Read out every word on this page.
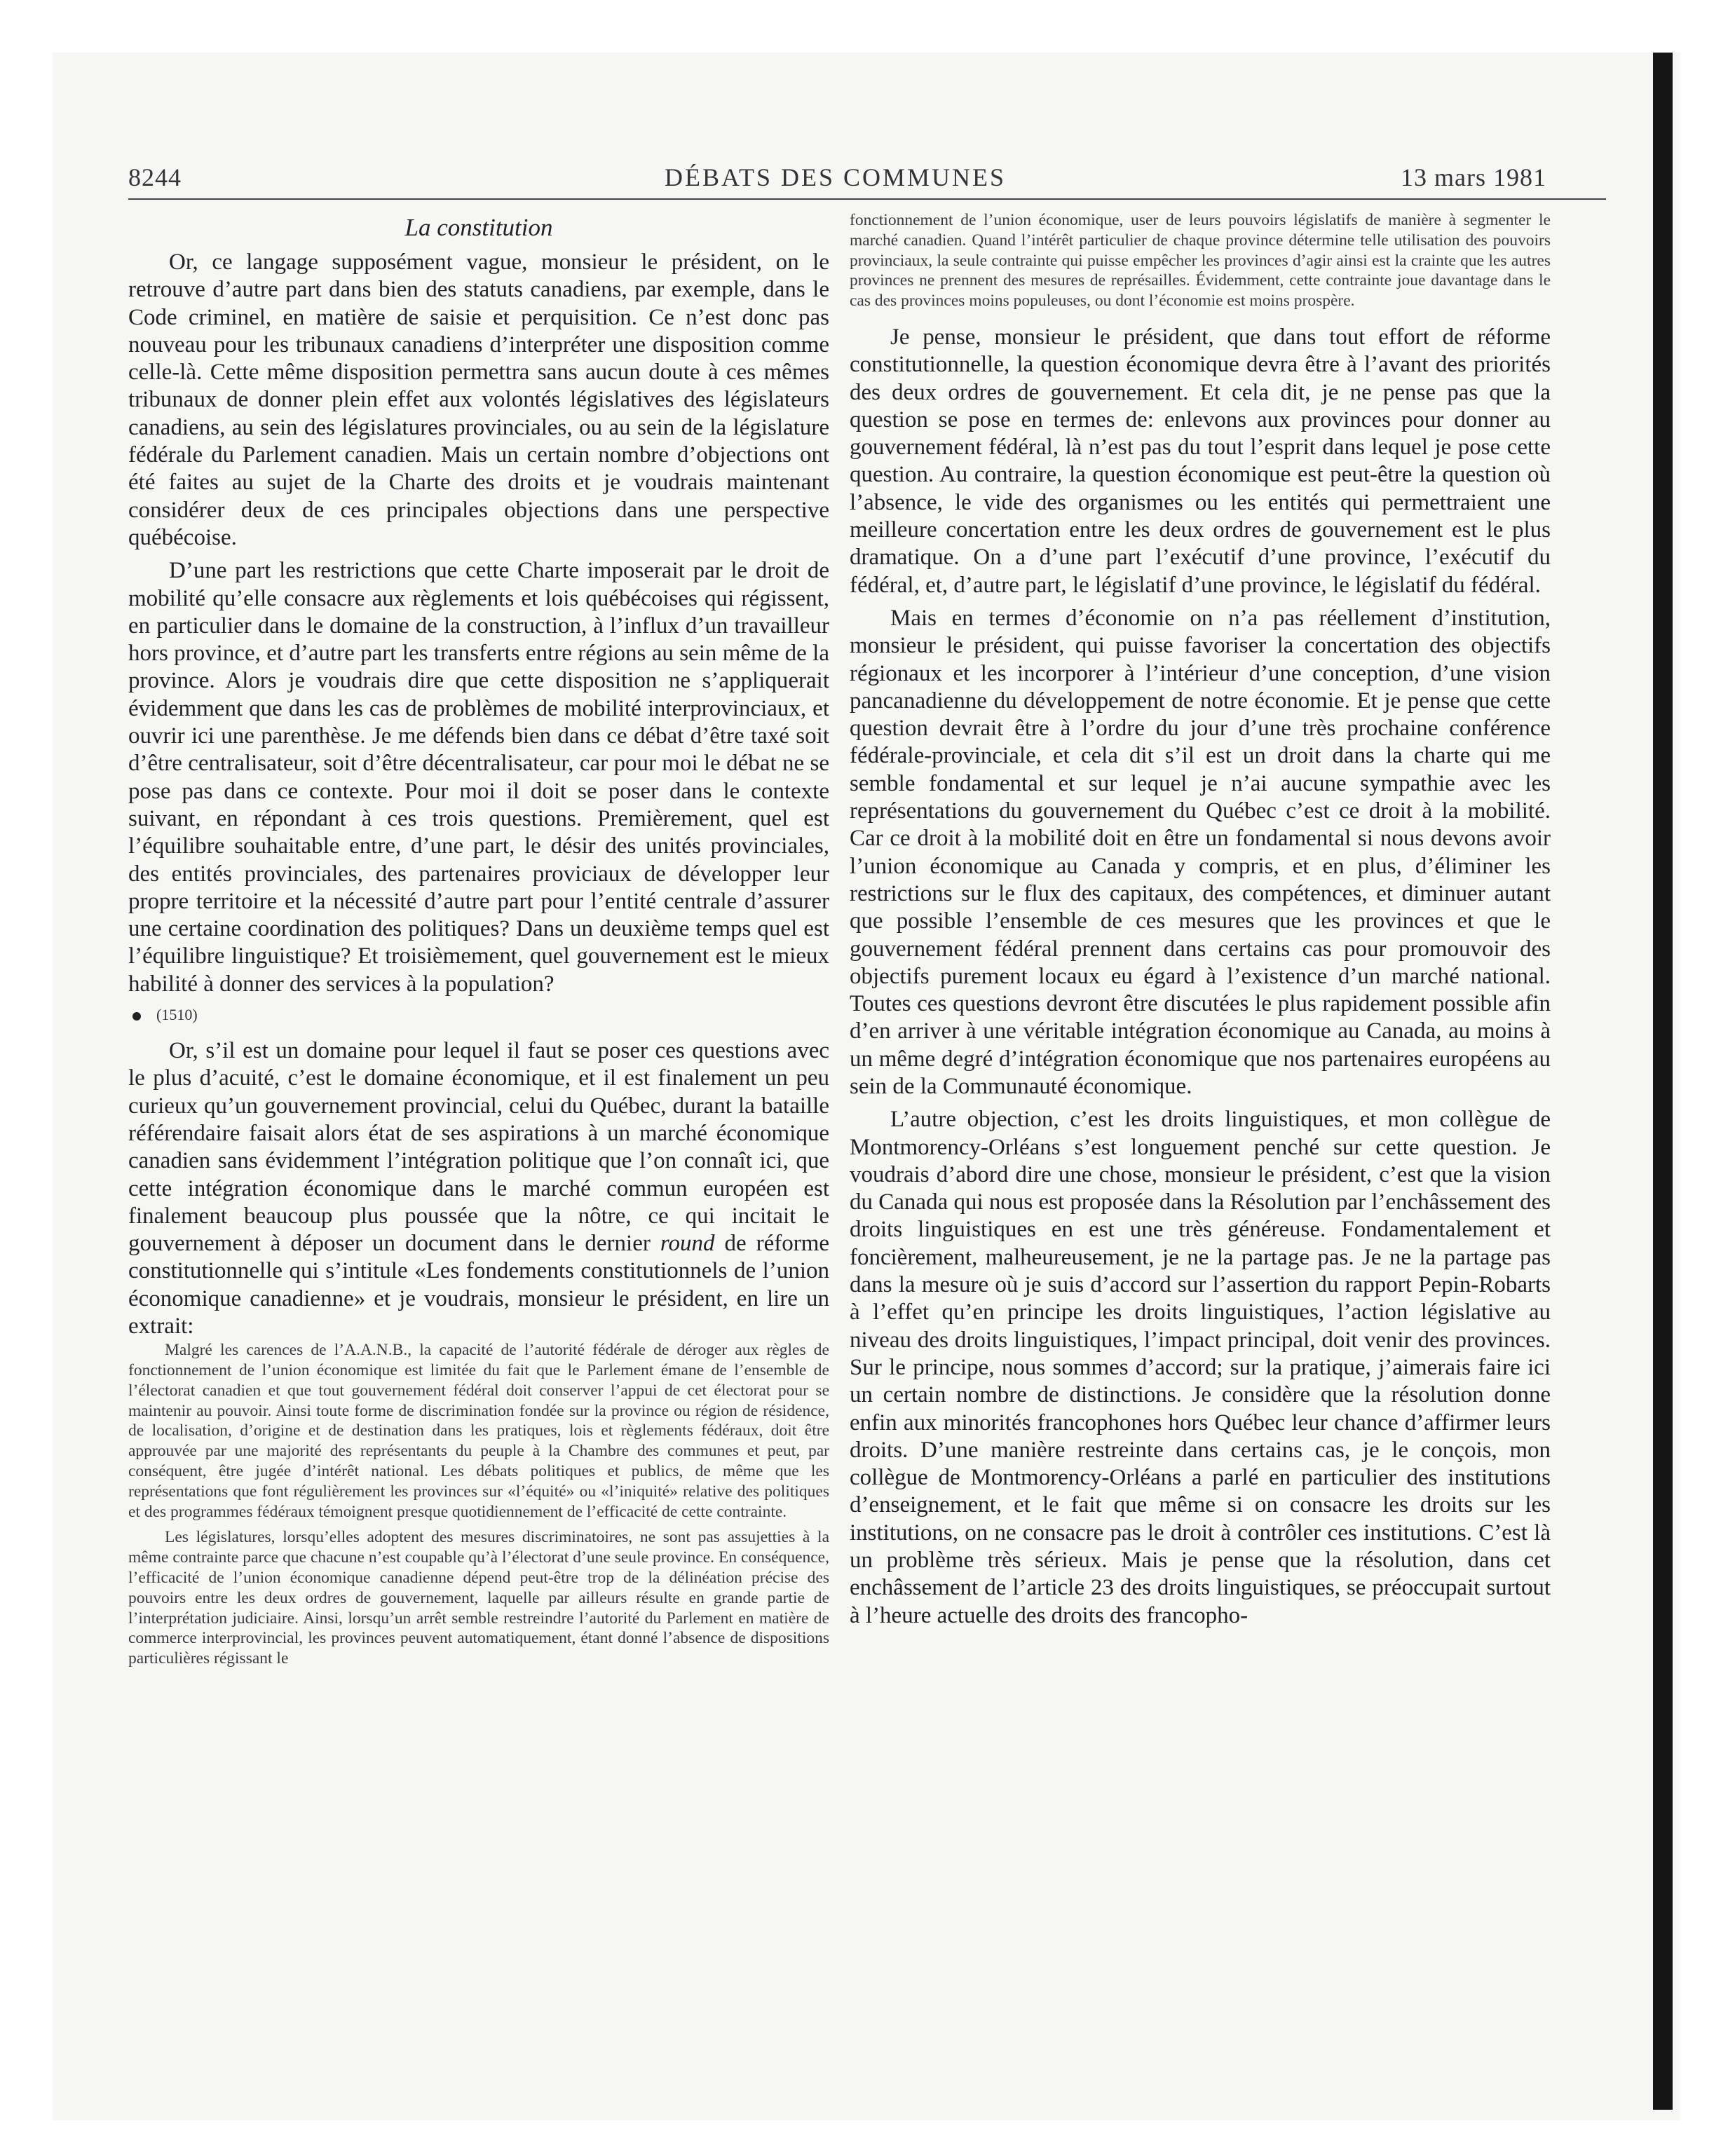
8244	DÉBATS DES COMMUNES	13 mars 1981
La constitution

Or, ce langage supposément vague, monsieur le président, on le retrouve d’autre part dans bien des statuts canadiens, par exemple, dans le Code criminel, en matière de saisie et perquisition. Ce n’est donc pas nouveau pour les tribunaux canadiens d’interpréter une disposition comme celle-là. Cette même disposition permettra sans aucun doute à ces mêmes tribunaux de donner plein effet aux volontés législatives des législateurs canadiens, au sein des législatures provinciales, ou au sein de la législature fédérale du Parlement canadien. Mais un certain nombre d’objections ont été faites au sujet de la Charte des droits et je voudrais maintenant considérer deux de ces principales objections dans une perspective québécoise.

D’une part les restrictions que cette Charte imposerait par le droit de mobilité qu’elle consacre aux règlements et lois québécoises qui régissent, en particulier dans le domaine de la construction, à l’influx d’un travailleur hors province, et d’autre part les transferts entre régions au sein même de la province. Alors je voudrais dire que cette disposition ne s’appliquerait évidemment que dans les cas de problèmes de mobilité interprovinciaux, et ouvrir ici une parenthèse. Je me défends bien dans ce débat d’être taxé soit d’être centralisateur, soit d’être décentralisateur, car pour moi le débat ne se pose pas dans ce contexte. Pour moi il doit se poser dans le contexte suivant, en répondant à ces trois questions. Premièrement, quel est l’équilibre souhaitable entre, d’une part, le désir des unités provinciales, des entités provinciales, des partenaires proviciaux de développer leur propre territoire et la nécessité d’autre part pour l’entité centrale d’assurer une certaine coordination des politiques? Dans un deuxième temps quel est l’équilibre linguistique? Et troisièmement, quel gouvernement est le mieux habilité à donner des services à la population?

(1510)

Or, s’il est un domaine pour lequel il faut se poser ces questions avec le plus d’acuité, c’est le domaine économique, et il est finalement un peu curieux qu’un gouvernement provincial, celui du Québec, durant la bataille référendaire faisait alors état de ses aspirations à un marché économique canadien sans évidemment l’intégration politique que l’on connaît ici, que cette intégration économique dans le marché commun européen est finalement beaucoup plus poussée que la nôtre, ce qui incitait le gouvernement à déposer un document dans le dernier round de réforme constitutionnelle qui s’intitule «Les fondements constitutionnels de l’union économique canadienne» et je voudrais, monsieur le président, en lire un extrait:

Malgré les carences de l’A.A.N.B., la capacité de l’autorité fédérale de déroger aux règles de fonctionnement de l’union économique est limitée du fait que le Parlement émane de l’ensemble de l’électorat canadien et que tout gouvernement fédéral doit conserver l’appui de cet électorat pour se maintenir au pouvoir. Ainsi toute forme de discrimination fondée sur la province ou région de résidence, de localisation, d’origine et de destination dans les pratiques, lois et règlements fédéraux, doit être approuvée par une majorité des représentants du peuple à la Chambre des communes et peut, par conséquent, être jugée d’intérêt national. Les débats politiques et publics, de même que les représentations que font régulièrement les provinces sur «l’équité» ou «l’iniquité» relative des politiques et des programmes fédéraux témoignent presque quotidiennement de l’efficacité de cette contrainte.

Les législatures, lorsqu’elles adoptent des mesures discriminatoires, ne sont pas assujetties à la même contrainte parce que chacune n’est coupable qu’à l’électorat d’une seule province. En conséquence, l’efficacité de l’union économique canadienne dépend peut-être trop de la délinéation précise des pouvoirs entre les deux ordres de gouvernement, laquelle par ailleurs résulte en grande partie de l’interprétation judiciaire. Ainsi, lorsqu’un arrêt semble restreindre l’autorité du Parlement en matière de commerce interprovincial, les provinces peuvent automatiquement, étant donné l’absence de dispositions particulières régissant le

fonctionnement de l’union économique, user de leurs pouvoirs législatifs de manière à segmenter le marché canadien. Quand l’intérêt particulier de chaque province détermine telle utilisation des pouvoirs provinciaux, la seule contrainte qui puisse empêcher les provinces d’agir ainsi est la crainte que les autres provinces ne prennent des mesures de représailles. Évidemment, cette contrainte joue davantage dans le cas des provinces moins populeuses, ou dont l’économie est moins prospère.

Je pense, monsieur le président, que dans tout effort de réforme constitutionnelle, la question économique devra être à l’avant des priorités des deux ordres de gouvernement. Et cela dit, je ne pense pas que la question se pose en termes de: enlevons aux provinces pour donner au gouvernement fédéral, là n’est pas du tout l’esprit dans lequel je pose cette question. Au contraire, la question économique est peut-être la question où l’absence, le vide des organismes ou les entités qui permettraient une meilleure concertation entre les deux ordres de gouvernement est le plus dramatique. On a d’une part l’exécutif d’une province, l’exécutif du fédéral, et, d’autre part, le législatif d’une province, le législatif du fédéral.

Mais en termes d’économie on n’a pas réellement d’institution, monsieur le président, qui puisse favoriser la concertation des objectifs régionaux et les incorporer à l’intérieur d’une conception, d’une vision pancanadienne du développement de notre économie. Et je pense que cette question devrait être à l’ordre du jour d’une très prochaine conférence fédérale-provinciale, et cela dit s’il est un droit dans la charte qui me semble fondamental et sur lequel je n’ai aucune sympathie avec les représentations du gouvernement du Québec c’est ce droit à la mobilité. Car ce droit à la mobilité doit en être un fondamental si nous devons avoir l’union économique au Canada y compris, et en plus, d’éliminer les restrictions sur le flux des capitaux, des compétences, et diminuer autant que possible l’ensemble de ces mesures que les provinces et que le gouvernement fédéral prennent dans certains cas pour promouvoir des objectifs purement locaux eu égard à l’existence d’un marché national. Toutes ces questions devront être discutées le plus rapidement possible afin d’en arriver à une véritable intégration économique au Canada, au moins à un même degré d’intégration économique que nos partenaires européens au sein de la Communauté économique.

L’autre objection, c’est les droits linguistiques, et mon collègue de Montmorency-Orléans s’est longuement penché sur cette question. Je voudrais d’abord dire une chose, monsieur le président, c’est que la vision du Canada qui nous est proposée dans la Résolution par l’enchâssement des droits linguistiques en est une très généreuse. Fondamentalement et foncièrement, malheureusement, je ne la partage pas. Je ne la partage pas dans la mesure où je suis d’accord sur l’assertion du rapport Pepin-Robarts à l’effet qu’en principe les droits linguistiques, l’action législative au niveau des droits linguistiques, l’impact principal, doit venir des provinces. Sur le principe, nous sommes d’accord; sur la pratique, j’aimerais faire ici un certain nombre de distinctions. Je considère que la résolution donne enfin aux minorités francophones hors Québec leur chance d’affirmer leurs droits. D’une manière restreinte dans certains cas, je le conçois, mon collègue de Montmorency-Orléans a parlé en particulier des institutions d’enseignement, et le fait que même si on consacre les droits sur les institutions, on ne consacre pas le droit à contrôler ces institutions. C’est là un problème très sérieux. Mais je pense que la résolution, dans cet enchâssement de l’article 23 des droits linguistiques, se préoccupait surtout à l’heure actuelle des droits des francopho-
